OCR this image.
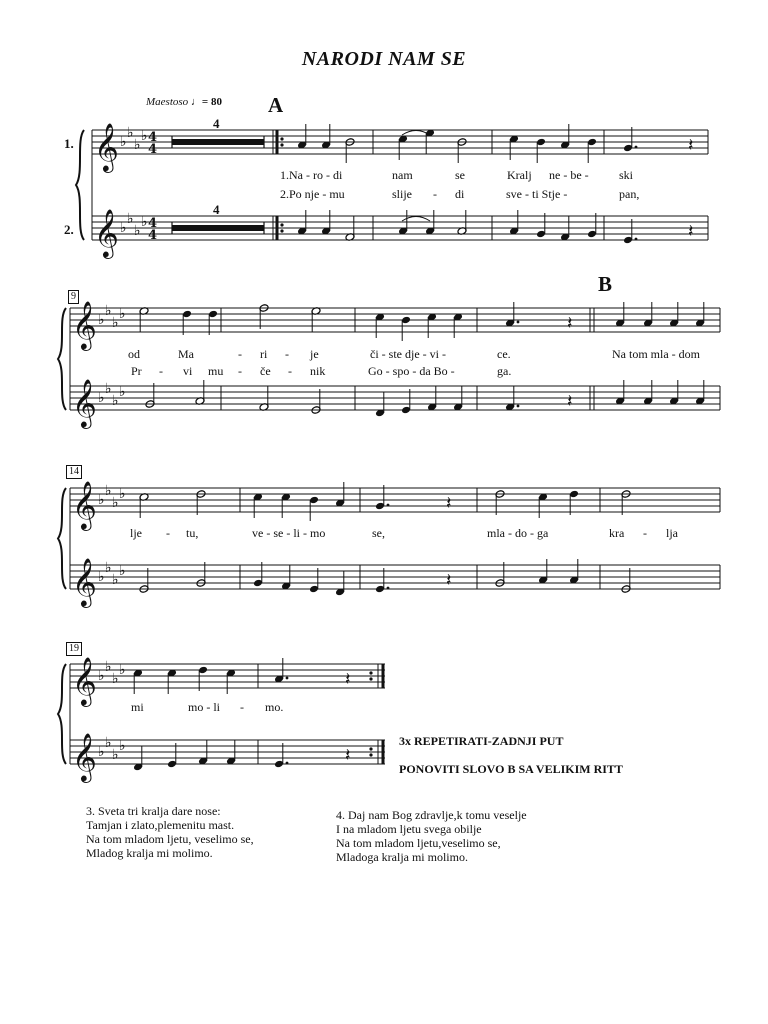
NARODI NAM SE
Maestoso ♩= 80 A
B
1.
2.
4
4
9
14
19
1.Na - ro - di	nam	se	Kralj ne - be -	ski
2.Po nje - mu	slije - di	sve - ti Stje -	pan,
od	Ma	- ri - je	či - ste dje - vi -	ce.	Na tom mla - dom
Pr - vi mu - če - nik	Go - spo - da Bo -	ga.
lje - tu,	ve - se - li - mo	se,	mla - do - ga	kra - lja
mi	mo - li - mo.
3x REPETIRATI-ZADNJI PUT
PONOVITI SLOVO B SA VELIKIM RITT
3. Sveta tri kralja dare nose:
Tamjan i zlato,plemenitu mast.
Na tom mladom ljetu, veselimo se,
Mladog kralja mi molimo.
4. Daj nam Bog zdravlje,k tomu veselje
I na mladom ljetu svega obilje
Na tom mladom ljetu,veselimo se,
Mladoga kralja mi molimo.
𝄞 ♭
♭
♭
♭ 4
4
𝄞 ♭
♭
♭
♭ 4
4
𝄽
𝄽
𝄞 ♭
♭
♭
♭
𝄞 ♭
♭
♭
♭
𝄽
𝄽
𝄞 ♭
♭
♭
♭
𝄞 ♭
♭
♭
♭
𝄽
𝄽
𝄞 ♭
♭
♭
♭
𝄞 ♭
♭
♭
♭
𝄽
𝄽
